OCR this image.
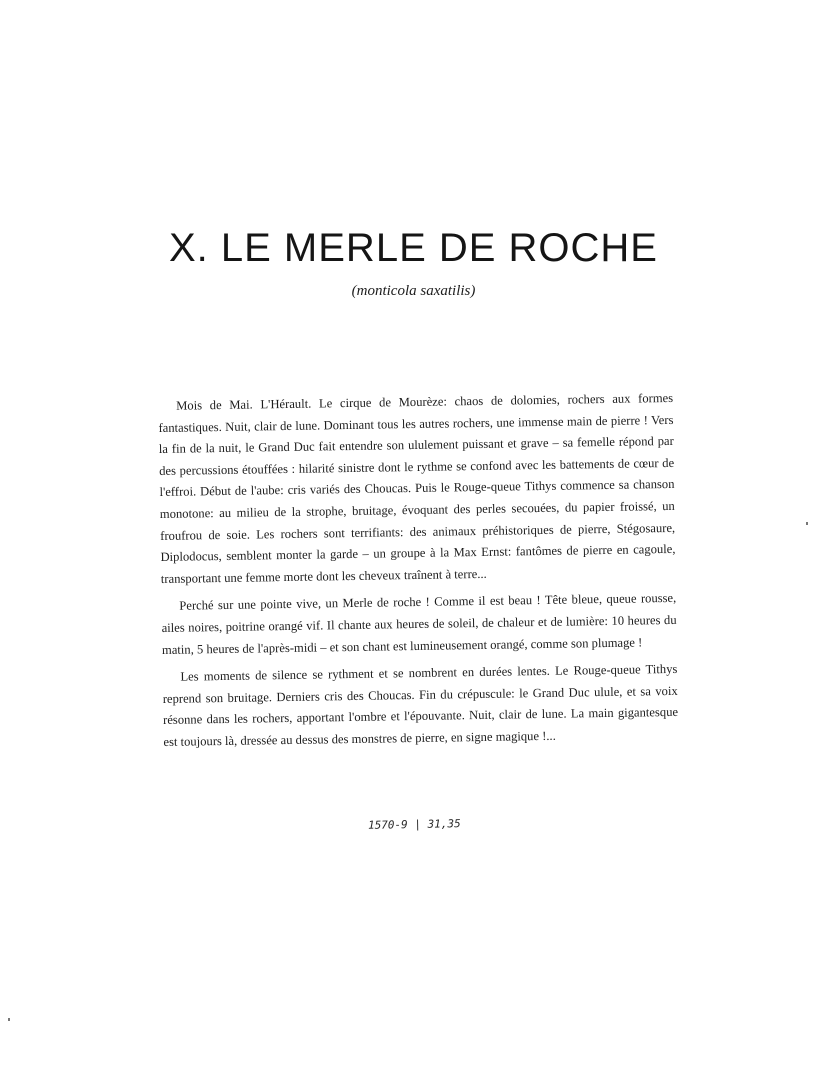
X. LE MERLE DE ROCHE
(monticola saxatilis)

Mois de Mai. L'Hérault. Le cirque de Mourèze: chaos de dolomies, rochers aux formes fantastiques. Nuit, clair de lune. Dominant tous les autres rochers, une immense main de pierre ! Vers la fin de la nuit, le Grand Duc fait entendre son ululement puissant et grave – sa femelle répond par des percussions étouffées : hilarité sinistre dont le rythme se confond avec les battements de cœur de l'effroi. Début de l'aube: cris variés des Choucas. Puis le Rouge-queue Tithys commence sa chanson monotone: au milieu de la strophe, bruitage, évoquant des perles secouées, du papier froissé, un froufrou de soie. Les rochers sont terrifiants: des animaux préhistoriques de pierre, Stégosaure, Diplodocus, semblent monter la garde – un groupe à la Max Ernst: fantômes de pierre en cagoule, transportant une femme morte dont les cheveux traînent à terre...

Perché sur une pointe vive, un Merle de roche ! Comme il est beau ! Tête bleue, queue rousse, ailes noires, poitrine orangé vif. Il chante aux heures de soleil, de chaleur et de lumière: 10 heures du matin, 5 heures de l'après-midi – et son chant est lumineusement orangé, comme son plumage !

Les moments de silence se rythment et se nombrent en durées lentes. Le Rouge-queue Tithys reprend son bruitage. Derniers cris des Choucas. Fin du crépuscule: le Grand Duc ulule, et sa voix résonne dans les rochers, apportant l'ombre et l'épouvante. Nuit, clair de lune. La main gigantesque est toujours là, dressée au dessus des monstres de pierre, en signe magique !...

1570-9 | 31,35
